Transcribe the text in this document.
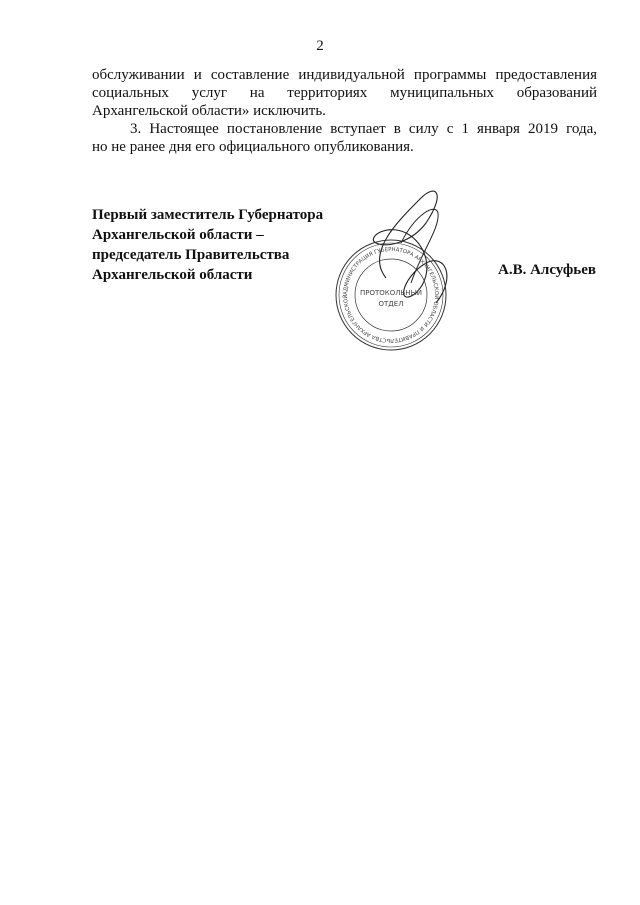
2
обслуживании и составление индивидуальной программы предоставления
социальных услуг на территориях муниципальных образований
Архангельской области» исключить.
3. Настоящее постановление вступает в силу с 1 января 2019 года,
но не ранее дня его официального опубликования.
Первый заместитель Губернатора
Архангельской области –
председатель Правительства
Архангельской области	А.В. Алсуфьев
АДМИНИСТРАЦИЯ ГУБЕРНАТОРА АРХАНГЕЛЬСКОЙ ОБЛАСТИ И ПРАВИТЕЛЬСТВА АРХАНГЕЛЬСКОЙ	ПРОТОКОЛЬНЫЙ
ОТДЕЛ
